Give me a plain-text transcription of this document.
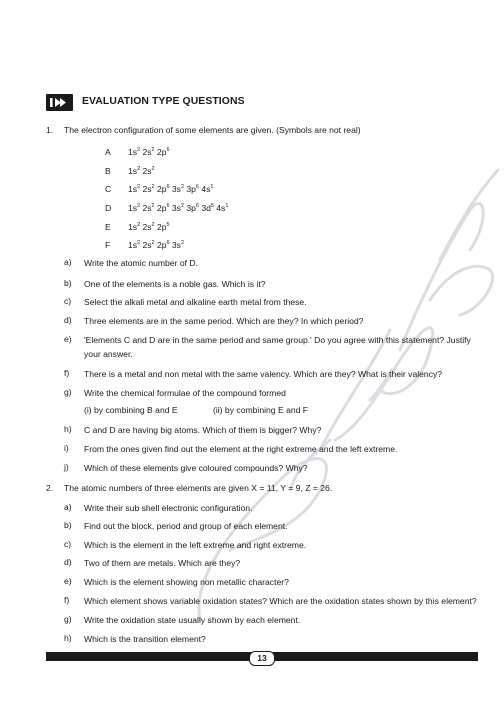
EVALUATION TYPE QUESTIONS
1. The electron configuration of some elements are given. (Symbols are not real)
A $1s^2$ $2s^2$ $2p^6$
B $1s^2$ $2s^2$
C $1s^2$ $2s^2$ $2p^6$ $3s^2$ $3p^6$ $4s^1$
D $1s^2$ $2s^2$ $2p^6$ $3s^2$ $3p^6$ $3d^5$ $4s^1$
E $1s^2$ $2s^2$ $2p^5$
F $1s^2$ $2s^2$ $2p^6$ $3s^2$
a) Write the atomic number of D.
b) One of the elements is a noble gas. Which is it?
c) Select the alkali metal and alkaline earth metal from these.
d) Three elements are in the same period. Which are they? In which period?
e) 'Elements C and D are in the same period and same group.' Do you agree with this statement? Justify
your answer.
f) There is a metal and non metal with the same valency. Which are they? What is their valency?
g) Write the chemical formulae of the compound formed
h) C and D are having big atoms. Which of them is bigger? Why?
i) From the ones given find out the element at the right extreme and the left extreme.
j) Which of these elements give coloured compounds? Why?
(i) by combining B and E	(ii) by combining E and F
2. The atomic numbers of three elements are given X = 11, Y = 9, Z = 26.
a) Write their sub shell electronic configuration.
b) Find out the block, period and group of each element.
c) Which is the element in the left extreme and right extreme.
d) Two of them are metals. Which are they?
e) Which is the element showing non metallic character?
f) Which element shows variable oxidation states? Which are the oxidation states shown by this element?
g) Write the oxidation state usually shown by each element.
h) Which is the transition element?
13
